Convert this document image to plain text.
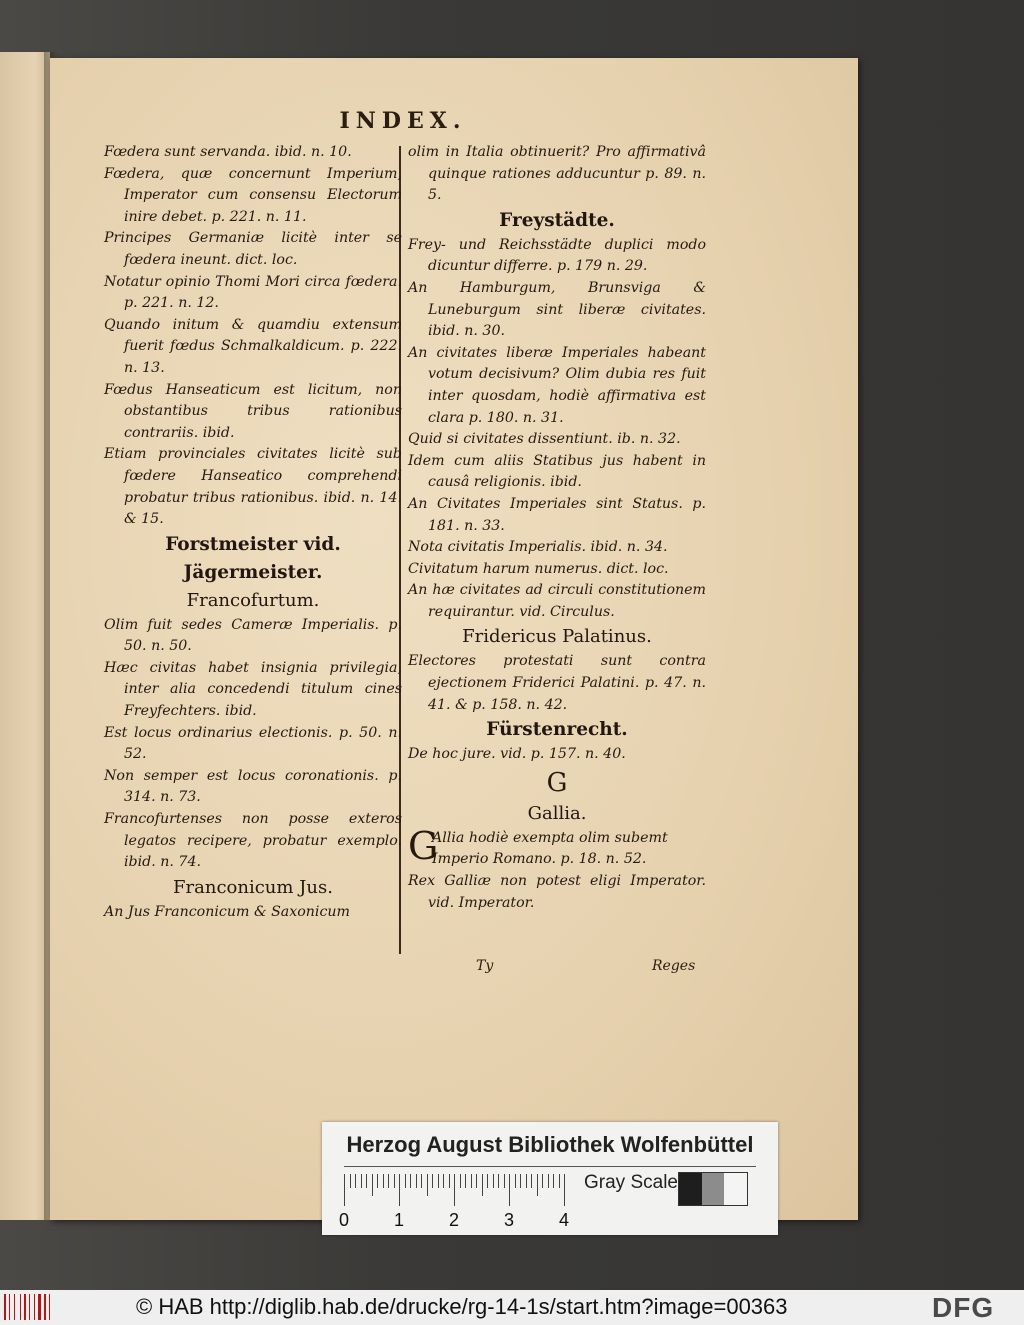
INDEX.
Fœdera sunt servanda. ibid. n. 10.
Fœdera, quæ concernunt Imperium, Imperator cum consensu Electorum inire debet. p. 221. n. 11.
Principes Germaniæ licitè inter se fœdera ineunt. dict. loc.
Notatur opinio Thomi Mori circa fœdera. p. 221. n. 12.
Quando initum & quamdiu extensum fuerit fœdus Schmalkaldicum. p. 222. n. 13.
Fœdus Hanseaticum est licitum, non obstantibus tribus rationibus contrariis. ibid.
Etiam provinciales civitates licitè sub fœdere Hanseatico comprehendi probatur tribus rationibus. ibid. n. 14. & 15.
Forstmeister vid. Jägermeister.
Francofurtum.
Olim fuit sedes Cameræ Imperialis. p. 50. n. 50.
Hæc civitas habet insignia privilegia, inter alia concedendi titulum cines Freyfechters. ibid.
Est locus ordinarius electionis. p. 50. n. 52.
Non semper est locus coronationis. p. 314. n. 73.
Francofurtenses non posse exteros legatos recipere, probatur exemplo. ibid. n. 74.
Franconicum Jus.
An Jus Franconicum & Saxonicum
olim in Italia obtinuerit? Pro affirmativâ quinque rationes adducuntur p. 89. n. 5.
Freystädte.
Frey- und Reichsstädte duplici modo dicuntur differre. p. 179 n. 29.
An Hamburgum, Brunsviga & Luneburgum sint liberæ civitates. ibid. n. 30.
An civitates liberæ Imperiales habeant votum decisivum? Olim dubia res fuit inter quosdam, hodiè affirmativa est clara p. 180. n. 31.
Quid si civitates dissentiunt. ib. n. 32.
Idem cum aliis Statibus jus habent in causâ religionis. ibid.
An Civitates Imperiales sint Status. p. 181. n. 33.
Nota civitatis Imperialis. ibid. n. 34.
Civitatum harum numerus. dict. loc.
An hæ civitates ad circuli constitutionem requirantur. vid. Circulus.
Fridericus Palatinus.
Electores protestati sunt contra ejectionem Friderici Palatini. p. 47. n. 41. & p. 158. n. 42.
Fürstenrecht.
De hoc jure. vid. p. 157. n. 40.
G
Gallia.
G
Allia hodiè exempta olim subemt Imperio Romano. p. 18. n. 52.
Rex Galliæ non potest eligi Imperator. vid. Imperator.
Ty	Reges
Herzog August Bibliothek Wolfenbüttel
0 1 2 3 4
Gray Scale
© HAB http://diglib.hab.de/drucke/rg-14-1s/start.htm?image=00363	DFG
